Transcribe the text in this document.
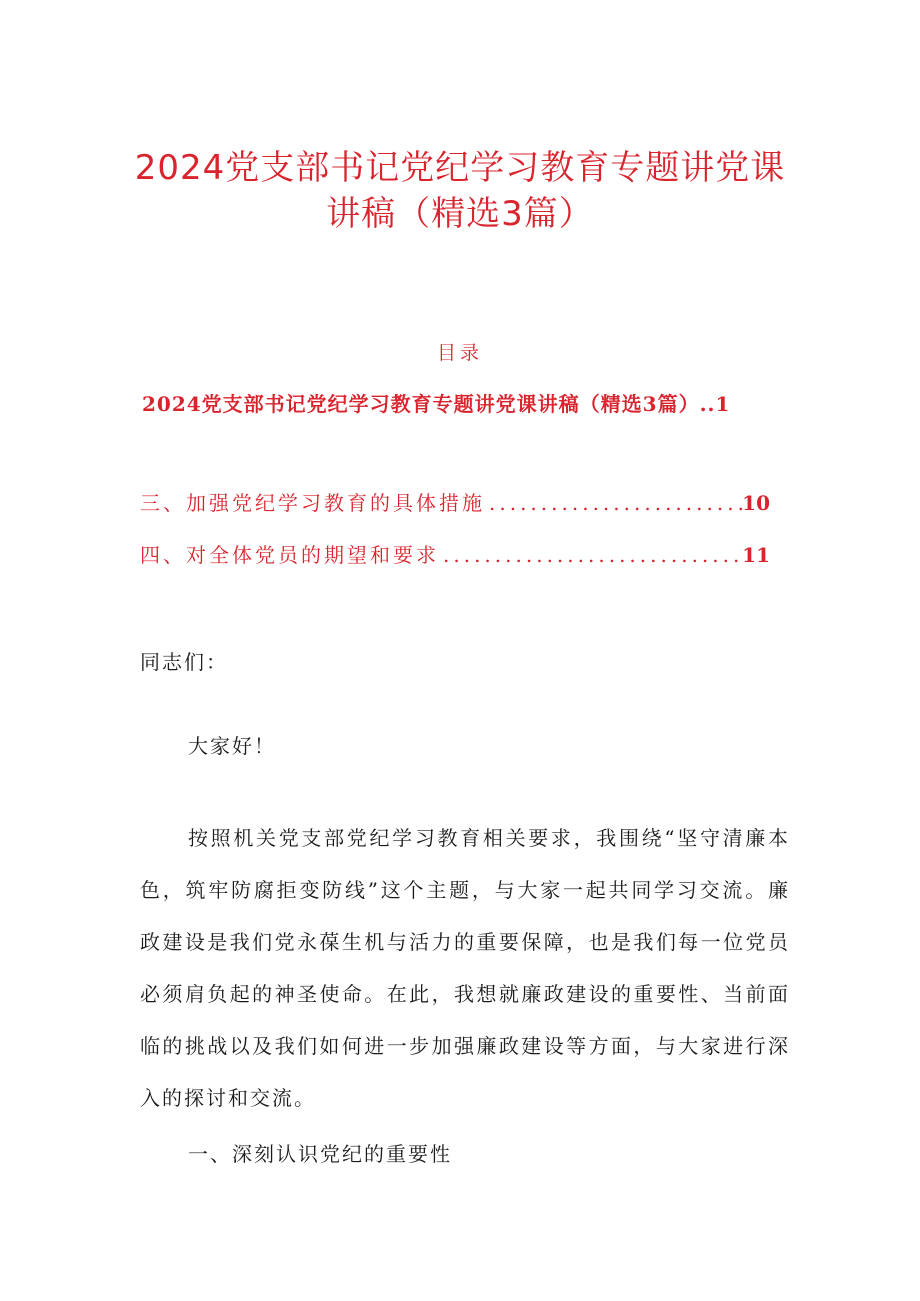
2024党支部书记党纪学习教育专题讲党课
讲稿（精选3篇）
目录
2024党支部书记党纪学习教育专题讲党课讲稿（精选3篇）..1
三、加强党纪学习教育的具体措施 .....	10
四、对全体党员的期望和要求 .....	11
同志们：
大家好！
按照机关党支部党纪学习教育相关要求，我围绕“坚守清廉本色，筑牢防腐拒变防线”这个主题，与大家一起共同学习交流。廉政建设是我们党永葆生机与活力的重要保障，也是我们每一位党员必须肩负起的神圣使命。在此，我想就廉政建设的重要性、当前面临的挑战以及我们如何进一步加强廉政建设等方面，与大家进行深入的探讨和交流。
一、深刻认识党纪的重要性
